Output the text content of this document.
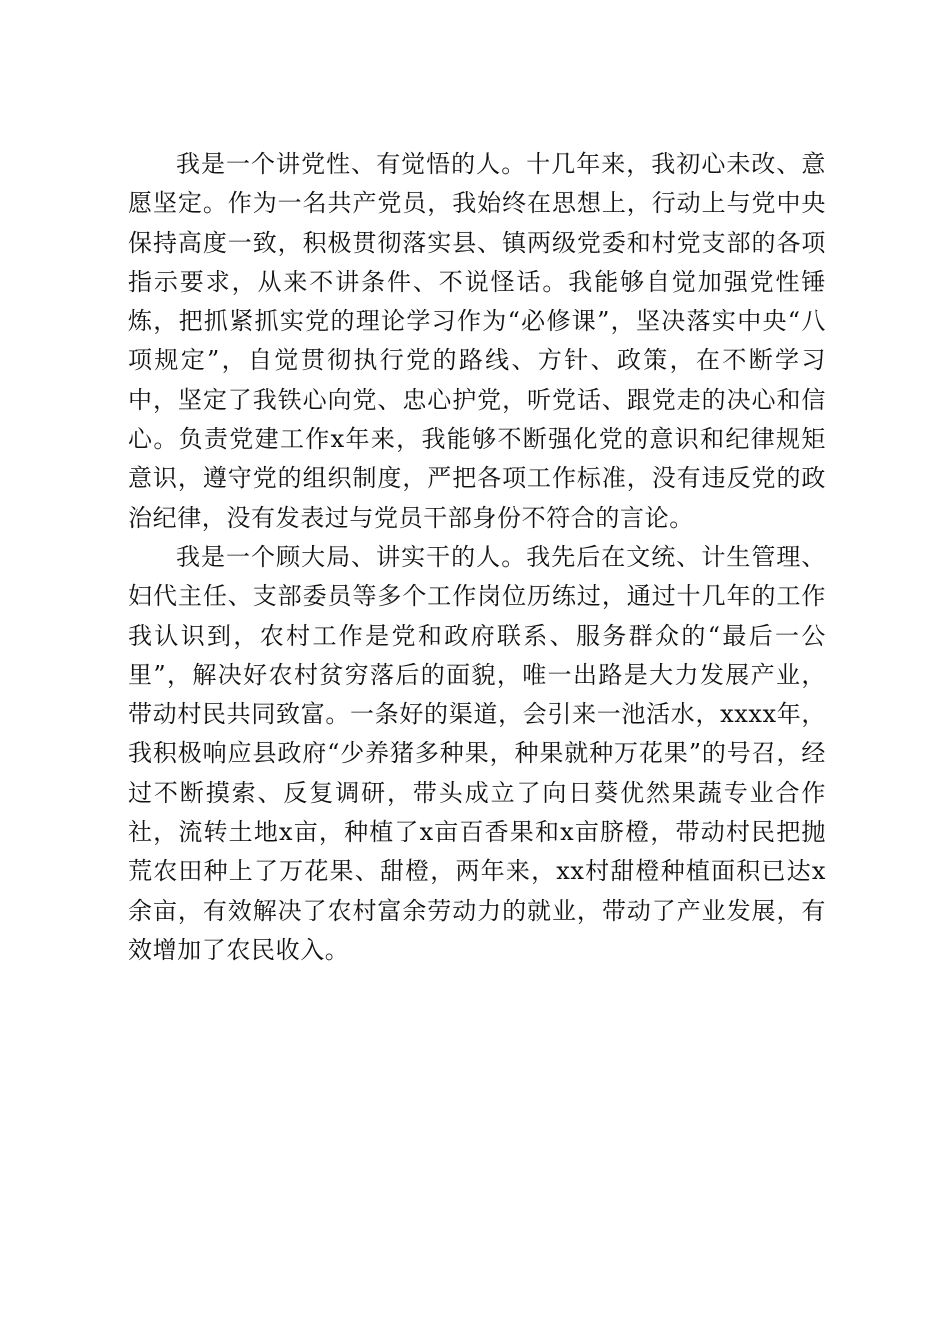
我是一个讲党性、有觉悟的人。十几年来，我初心未改、意愿坚定。作为一名共产党员，我始终在思想上，行动上与党中央保持高度一致，积极贯彻落实县、镇两级党委和村党支部的各项指示要求，从来不讲条件、不说怪话。我能够自觉加强党性锤炼，把抓紧抓实党的理论学习作为“必修课”，坚决落实中央“八项规定”，自觉贯彻执行党的路线、方针、政策，在不断学习中，坚定了我铁心向党、忠心护党，听党话、跟党走的决心和信心。负责党建工作x年来，我能够不断强化党的意识和纪律规矩意识，遵守党的组织制度，严把各项工作标准，没有违反党的政治纪律，没有发表过与党员干部身份不符合的言论。

我是一个顾大局、讲实干的人。我先后在文统、计生管理、妇代主任、支部委员等多个工作岗位历练过，通过十几年的工作我认识到，农村工作是党和政府联系、服务群众的“最后一公里”，解决好农村贫穷落后的面貌，唯一出路是大力发展产业，带动村民共同致富。一条好的渠道，会引来一池活水，xxxx年，我积极响应县政府“少养猪多种果，种果就种万花果”的号召，经过不断摸索、反复调研，带头成立了向日葵优然果蔬专业合作社，流转土地x亩，种植了x亩百香果和x亩脐橙，带动村民把抛荒农田种上了万花果、甜橙，两年来，xx村甜橙种植面积已达x余亩，有效解决了农村富余劳动力的就业，带动了产业发展，有效增加了农民收入。
